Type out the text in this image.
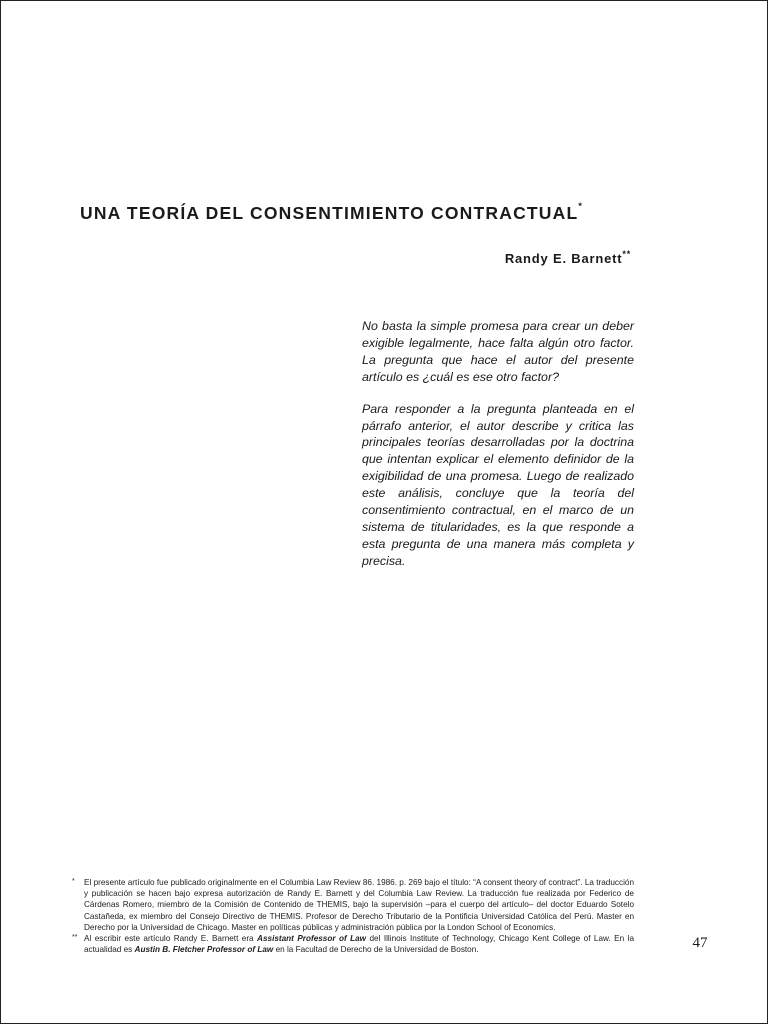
UNA TEORÍA DEL CONSENTIMIENTO CONTRACTUAL*
Randy E. Barnett**

No basta la simple promesa para crear un deber exigible legalmente, hace falta algún otro factor. La pregunta que hace el autor del presente artículo es ¿cuál es ese otro factor?

Para responder a la pregunta planteada en el párrafo anterior, el autor describe y critica las principales teorías desarrolladas por la doctrina que intentan explicar el elemento definidor de la exigibilidad de una promesa. Luego de realizado este análisis, concluye que la teoría del consentimiento contractual, en el marco de un sistema de titularidades, es la que responde a esta pregunta de una manera más completa y precisa.

* El presente artículo fue publicado originalmente en el Columbia Law Review 86. 1986. p. 269 bajo el título: “A consent theory of contract”. La traducción y publicación se hacen bajo expresa autorización de Randy E. Barnett y del Columbia Law Review. La traducción fue realizada por Federico de Cárdenas Romero, miembro de la Comisión de Contenido de THEMIS, bajo la supervisión –para el cuerpo del artículo– del doctor Eduardo Sotelo Castañeda, ex miembro del Consejo Directivo de THEMIS. Profesor de Derecho Tributario de la Pontificia Universidad Católica del Perú. Master en Derecho por la Universidad de Chicago. Master en políticas públicas y administración pública por la London School of Economics.
** Al escribir este artículo Randy E. Barnett era Assistant Professor of Law del Illinois Institute of Technology, Chicago Kent College of Law. En la actualidad es Austin B. Fletcher Professor of Law en la Facultad de Derecho de la Universidad de Boston.	47
